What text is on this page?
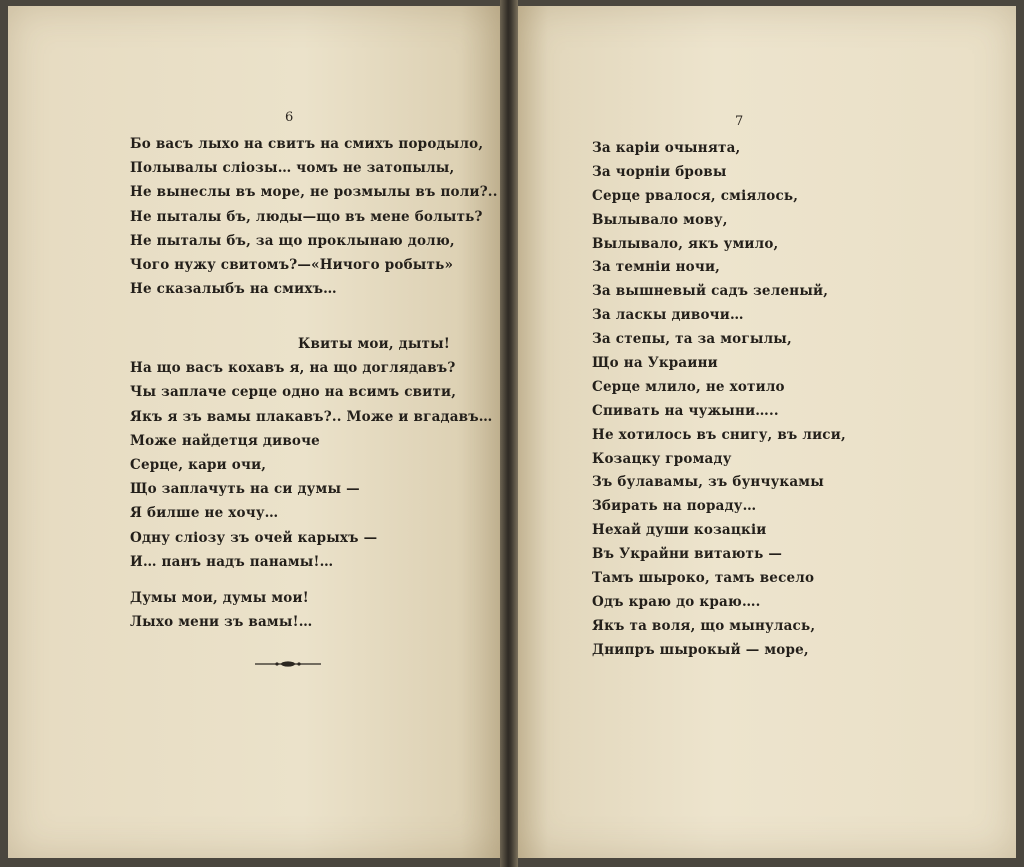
6
Бо васъ лыхо на свитъ на смихъ породыло,
Полывалы слiозы… чомъ не затопылы,
Не вынеслы въ море, не розмылы въ поли?..
Не пыталы бъ, люды—що въ мене болыть?
Не пыталы бъ, за що проклынаю долю,
Чого нужу свитомъ?—«Ничого робыть»
Не сказалыбъ на смихъ…
Квиты мои, дыты!
На що васъ кохавъ я, на що доглядавъ?
Чы заплаче серце одно на всимъ свити,
Якъ я зъ вамы плакавъ?.. Може и вгадавъ…
Може найдетця дивоче
Серце, кари очи,
Що заплачуть на си думы —
Я билше не хочу…
Одну слiозу зъ очей карыхъ —
И… панъ надъ панамы!…
Думы мои, думы мои!
Лыхо мени зъ вамы!…
7
За карiи очынята,
За чорнiи бровы
Серце рвалося, смiялось,
Вылывало мову,
Вылывало, якъ умило,
За темнiи ночи,
За вышневый садъ зеленый,
За ласкы дивочи…
За степы, та за могылы,
Що на Украини
Серце млило, не хотило
Спивать на чужыни…..
Не хотилось въ снигу, въ лиси,
Козацку громаду
Зъ булавамы, зъ бунчукамы
Збирать на пораду…
Нехай души козацкiи
Въ Украйни витають —
Тамъ шыроко, тамъ весело
Одъ краю до краю….
Якъ та воля, що мынулась,
Днипръ шырокый — море,
